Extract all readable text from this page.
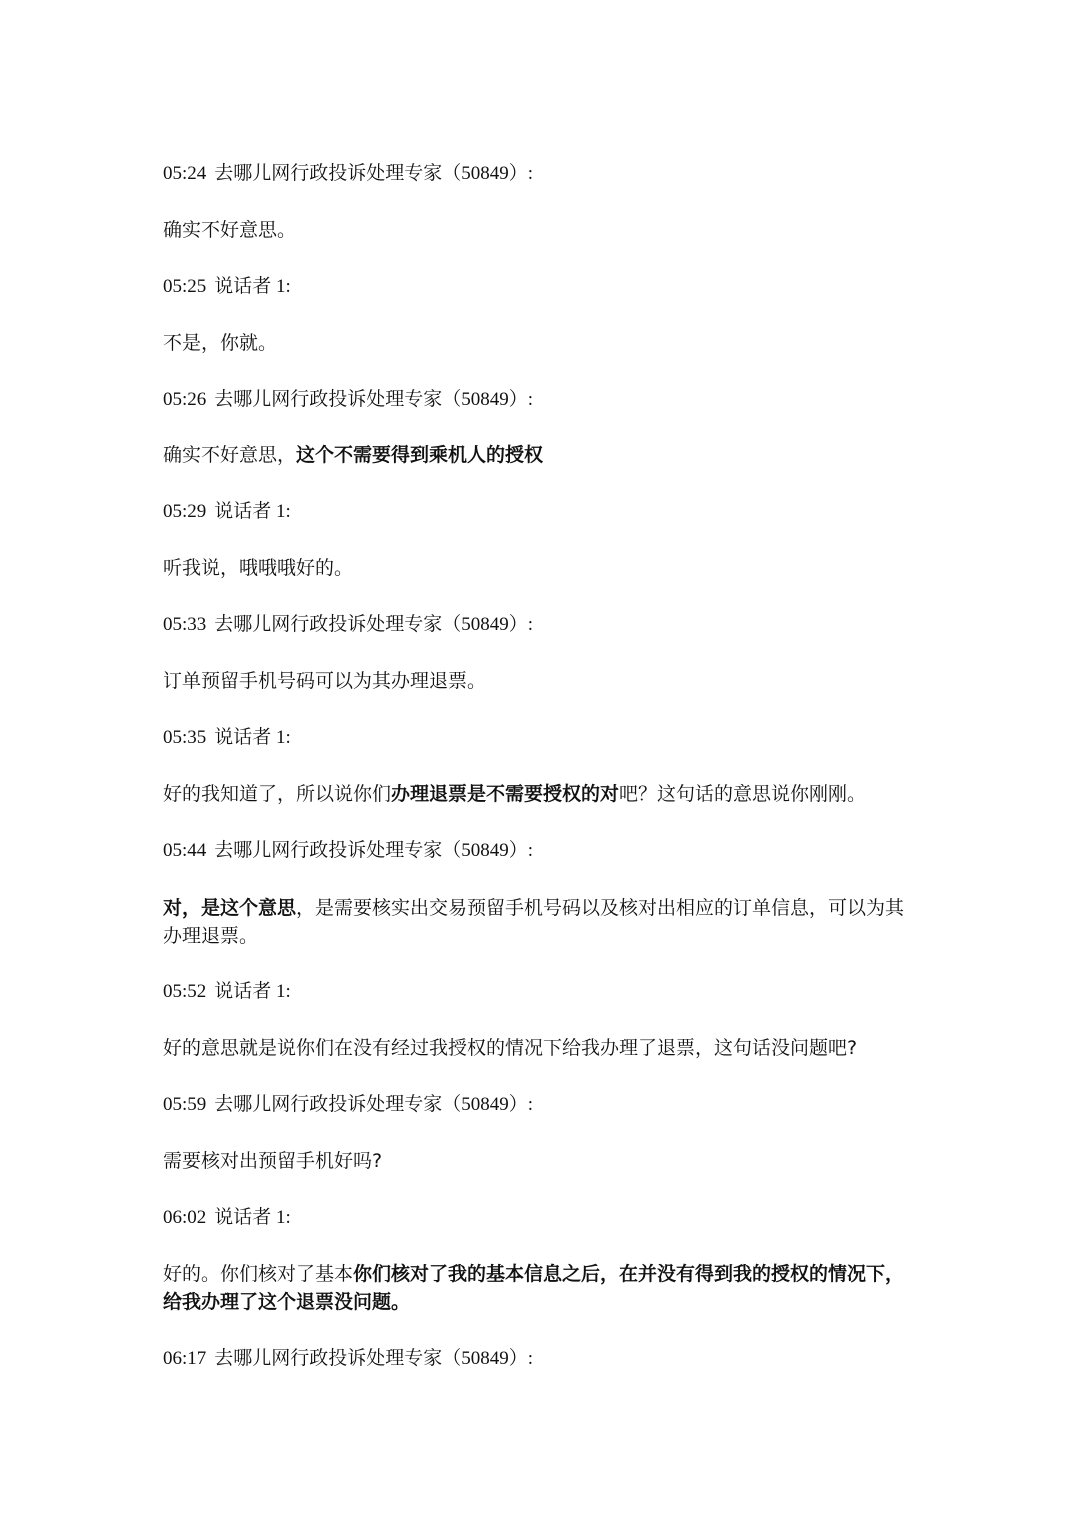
05:24 去哪儿网行政投诉处理专家（50849）:

确实不好意思。

05:25 说话者 1:

不是，你就。

05:26 去哪儿网行政投诉处理专家（50849）:

确实不好意思，这个不需要得到乘机人的授权

05:29 说话者 1:

听我说，哦哦哦好的。

05:33 去哪儿网行政投诉处理专家（50849）:

订单预留手机号码可以为其办理退票。

05:35 说话者 1:

好的我知道了，所以说你们办理退票是不需要授权的对吧？这句话的意思说你刚刚。

05:44 去哪儿网行政投诉处理专家（50849）:

对，是这个意思，是需要核实出交易预留手机号码以及核对出相应的订单信息，可以为其办理退票。

05:52 说话者 1:

好的意思就是说你们在没有经过我授权的情况下给我办理了退票，这句话没问题吧?

05:59 去哪儿网行政投诉处理专家（50849）:

需要核对出预留手机好吗?

06:02 说话者 1:

好的。你们核对了基本你们核对了我的基本信息之后，在并没有得到我的授权的情况下，给我办理了这个退票没问题。

06:17 去哪儿网行政投诉处理专家（50849）:
